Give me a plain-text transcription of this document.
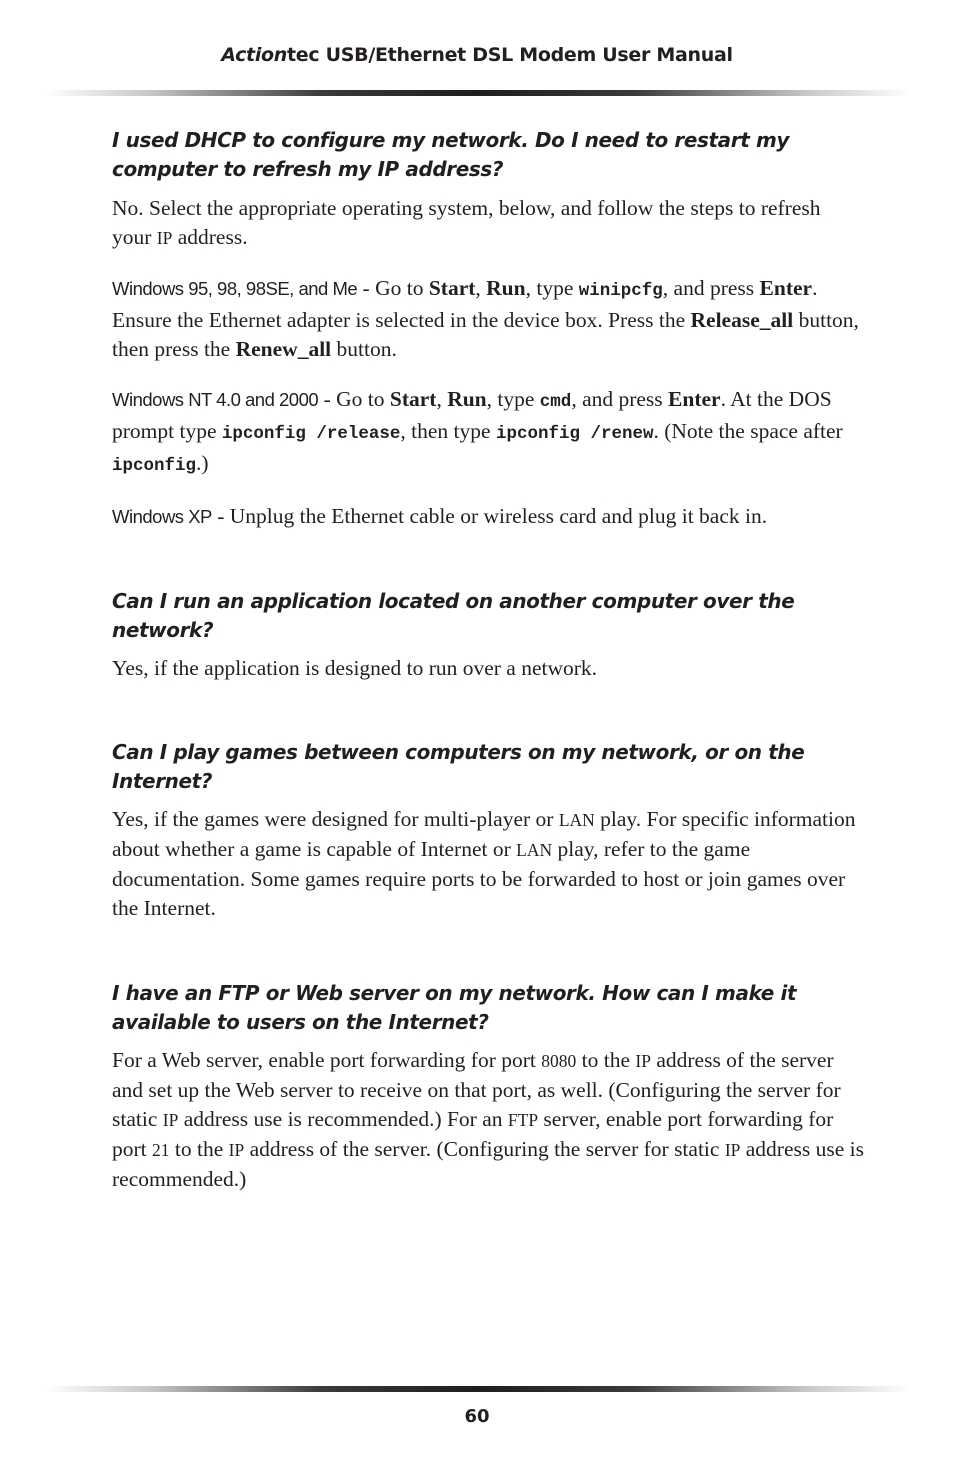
Actiontec USB/Ethernet DSL Modem User Manual

I used DHCP to configure my network. Do I need to restart my computer to refresh my IP address?

No. Select the appropriate operating system, below, and follow the steps to refresh your IP address.

Windows 95, 98, 98SE, and Me - Go to Start, Run, type winipcfg, and press Enter. Ensure the Ethernet adapter is selected in the device box. Press the Release_all button, then press the Renew_all button.

Windows NT 4.0 and 2000 - Go to Start, Run, type cmd, and press Enter. At the DOS prompt type ipconfig /release, then type ipconfig /renew. (Note the space after ipconfig.)

Windows XP - Unplug the Ethernet cable or wireless card and plug it back in.

Can I run an application located on another computer over the network?

Yes, if the application is designed to run over a network.

Can I play games between computers on my network, or on the Internet?

Yes, if the games were designed for multi-player or LAN play. For specific information about whether a game is capable of Internet or LAN play, refer to the game documentation. Some games require ports to be forwarded to host or join games over the Internet.

I have an FTP or Web server on my network. How can I make it available to users on the Internet?

For a Web server, enable port forwarding for port 8080 to the IP address of the server and set up the Web server to receive on that port, as well. (Configuring the server for static IP address use is recommended.) For an FTP server, enable port forwarding for port 21 to the IP address of the server. (Configuring the server for static IP address use is recommended.)

60
